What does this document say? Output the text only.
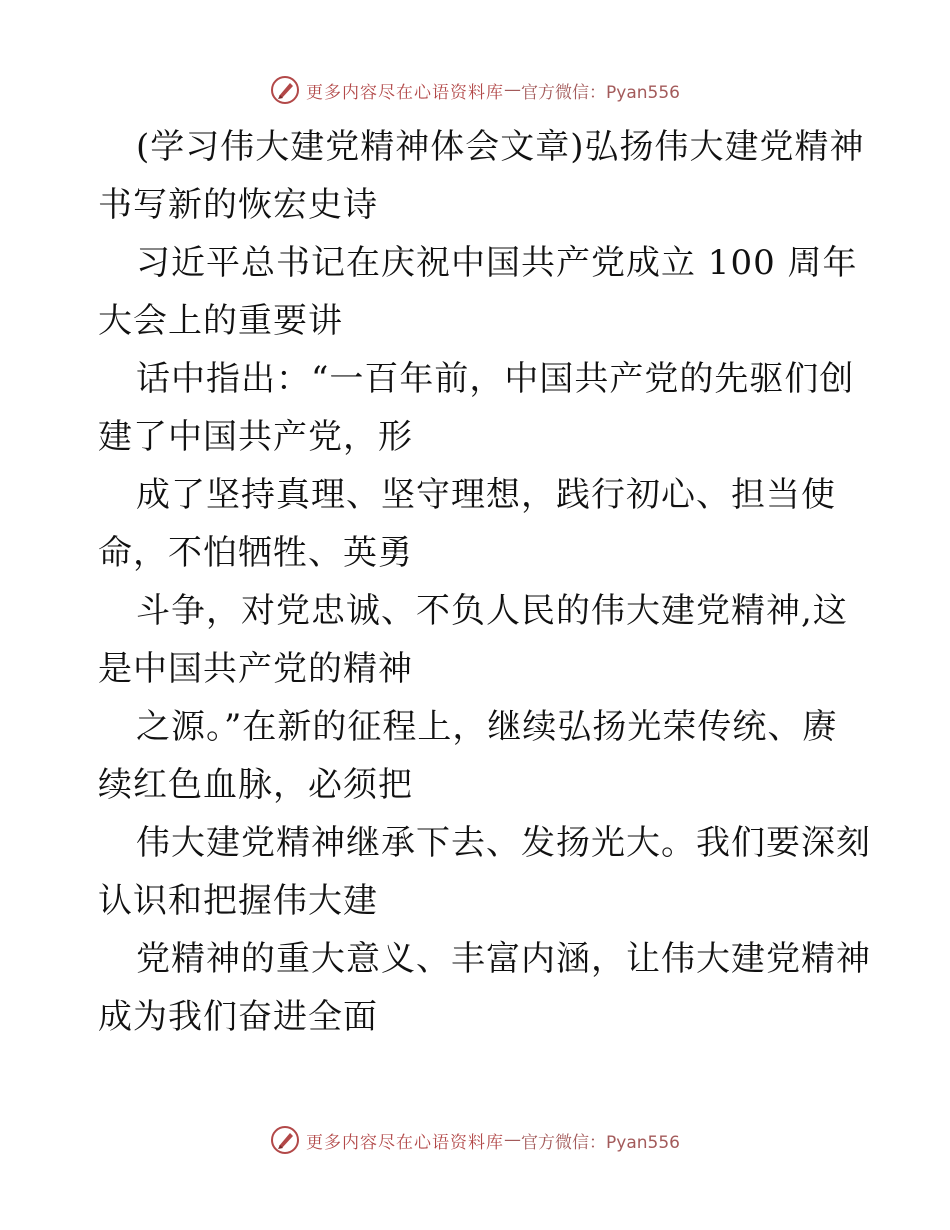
更多内容尽在心语资料库 — 官方微信：Pyan556
(学习伟大建党精神体会文章)弘扬伟大建党精神
书写新的恢宏史诗
习近平总书记在庆祝中国共产党成立 100 周年
大会上的重要讲
话中指出：“一百年前，中国共产党的先驱们创
建了中国共产党，形
成了坚持真理、坚守理想，践行初心、担当使
命，不怕牺牲、英勇
斗争，对党忠诚、不负人民的伟大建党精神,这
是中国共产党的精神
之源。”在新的征程上，继续弘扬光荣传统、赓
续红色血脉，必须把
伟大建党精神继承下去、发扬光大。我们要深刻
认识和把握伟大建
党精神的重大意义、丰富内涵，让伟大建党精神
成为我们奋进全面
更多内容尽在心语资料库 — 官方微信：Pyan556
